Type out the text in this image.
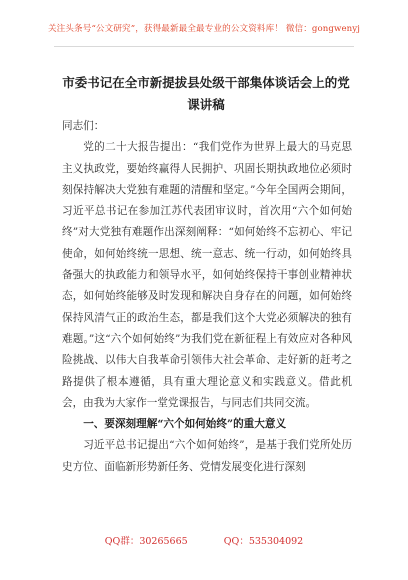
关注头条号“公文研究”，获得最新最全最专业的公文资料库！ 微信：gongwenyj
市委书记在全市新提拔县处级干部集体谈话会上的党课讲稿

同志们：

党的二十大报告提出：“我们党作为世界上最大的马克思主义执政党，要始终赢得人民拥护、巩固长期执政地位必须时刻保持解决大党独有难题的清醒和坚定。”今年全国两会期间，习近平总书记在参加江苏代表团审议时，首次用“六个如何始终”对大党独有难题作出深刻阐释：“如何始终不忘初心、牢记使命，如何始终统一思想、统一意志、统一行动，如何始终具备强大的执政能力和领导水平，如何始终保持干事创业精神状态，如何始终能够及时发现和解决自身存在的问题，如何始终保持风清气正的政治生态，都是我们这个大党必须解决的独有难题。”这“六个如何始终”为我们党在新征程上有效应对各种风险挑战、以伟大自我革命引领伟大社会革命、走好新的赶考之路提供了根本遵循，具有重大理论意义和实践意义。借此机会，由我为大家作一堂党课报告，与同志们共同交流。

一、要深刻理解“六个如何始终”的重大意义

习近平总书记提出“六个如何始终”，是基于我们党所处历史方位、面临新形势新任务、党情发展变化进行深刻

QQ群：30265665	QQ：535304092
